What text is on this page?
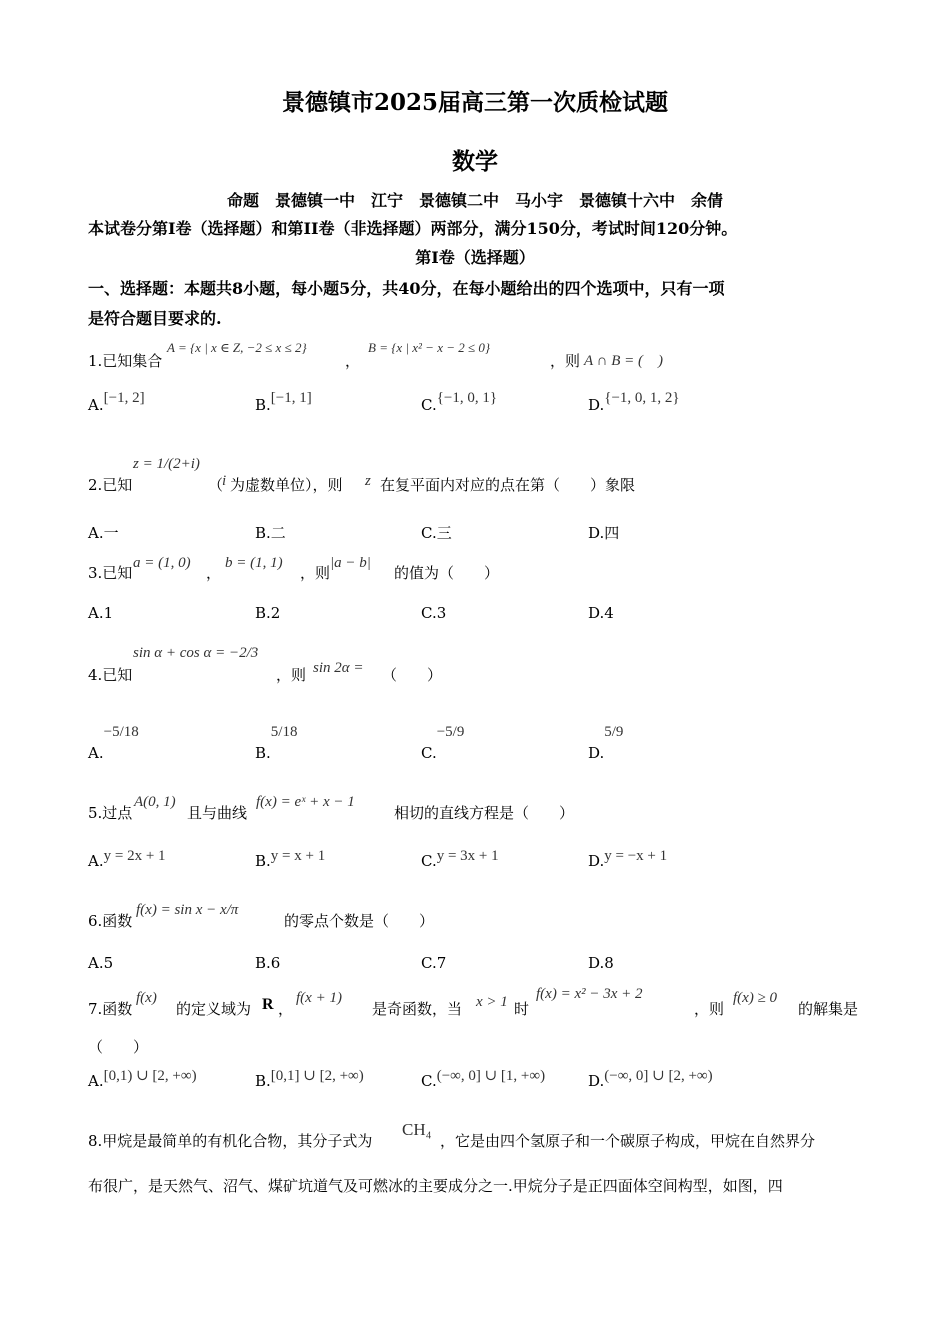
景德镇市2025届高三第一次质检试题
数学
命题　景德镇一中　江宁　景德镇二中　马小宇　景德镇十六中　余倩
本试卷分第I卷（选择题）和第II卷（非选择题）两部分，满分150分，考试时间120分钟。
第I卷（选择题）
一、选择题：本题共8小题，每小题5分，共40分，在每小题给出的四个选项中，只有一项
是符合题目要求的.
1.已知集合
A = {x | x ∈ Z, −2 ≤ x ≤ 2}
，
B = {x | x² − x − 2 ≤ 0}
，则 A ∩ B = (　)
A.[−1, 2]	B.[−1, 1]	C.{−1, 0, 1}	D.{−1, 0, 1, 2}
2.已知
z = 1/(2+i)
（
i 为虚数单位），则 z 在复平面内对应的点在第（　　）象限
A.一	B.二	C.三	D.四
3.已知
a = (1, 0)
，
b = (1, 1)
，则
|a − b|
的值为（　　）
A.1	B.2	C.3	D.4
4.已知
sin α + cos α = −2/3
，则 sin 2α = （　　）
A.−5/18
B.5/18
C.−5/9
D.5/9
5.过点
A(0, 1)
且与曲线
f(x) = eˣ + x − 1
相切的直线方程是（　　）
A.y = 2x + 1	B.y = x + 1	C.y = 3x + 1	D.y = −x + 1
6.函数
f(x) = sin x − x/π
的零点个数是（　　）
A.5	B.6	C.7	D.8
7.函数
f(x)
的定义域为 R ，
f(x + 1)
是奇函数，当 x > 1 时
f(x) = x² − 3x + 2
，则
f(x) ≥ 0
的解集是
（　　）
A.[0,1) ∪ [2, +∞)	B.[0,1] ∪ [2, +∞)	C.(−∞, 0] ∪ [1, +∞)	D.(−∞, 0] ∪ [2, +∞)
8.甲烷是最简单的有机化合物，其分子式为
CH₄
，它是由四个氢原子和一个碳原子构成，甲烷在自然界分
布很广，是天然气、沼气、煤矿坑道气及可燃冰的主要成分之一.甲烷分子是正四面体空间构型，如图，四
